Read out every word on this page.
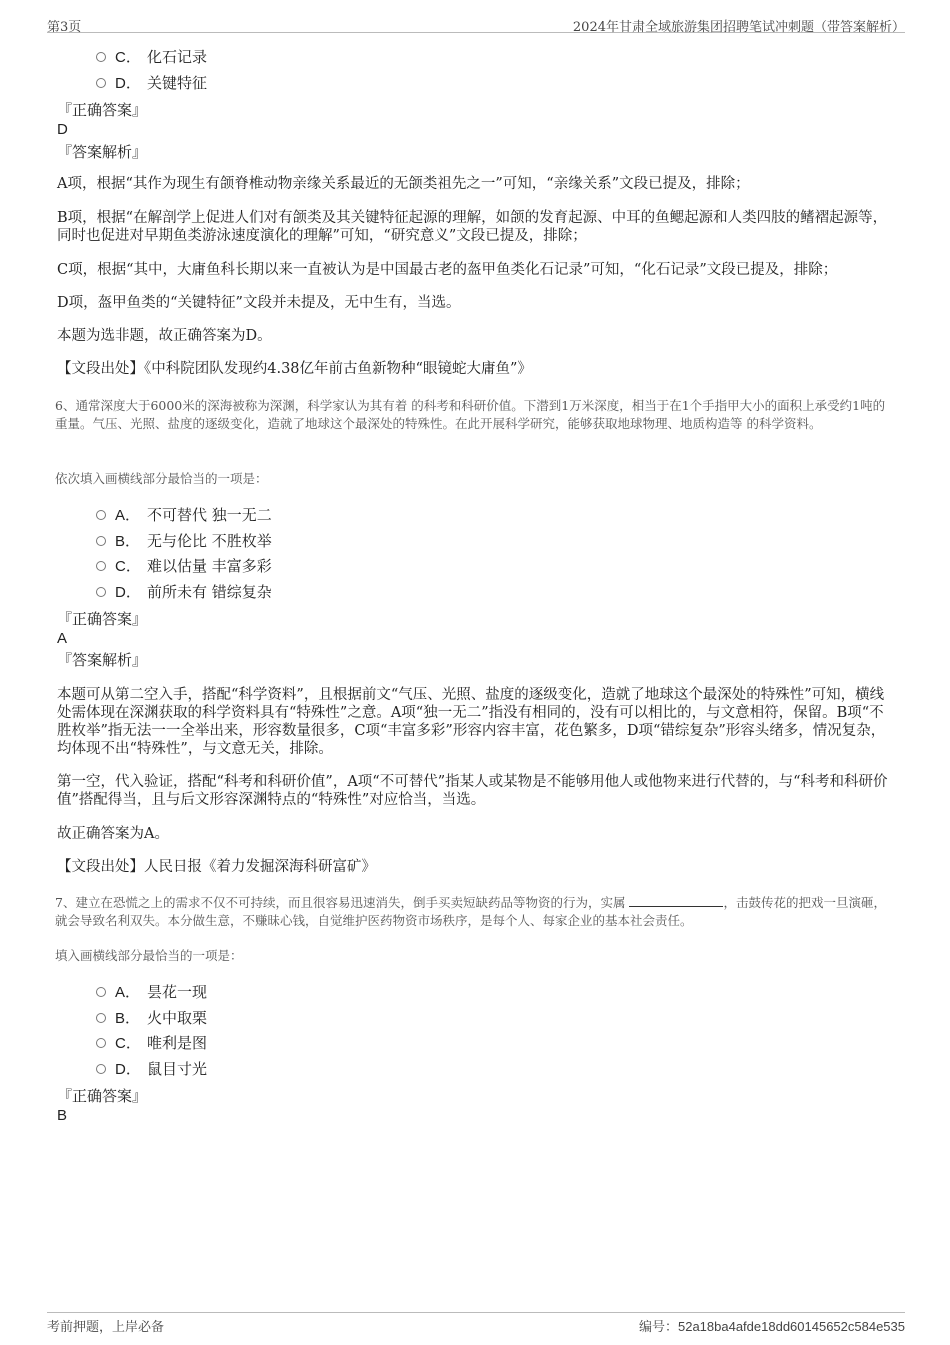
第3页	2024年甘肃全域旅游集团招聘笔试冲刺题（带答案解析）
C． 化石记录
D． 关键特征
『正确答案』
D
『答案解析』
A项，根据“其作为现生有颌脊椎动物亲缘关系最近的无颌类祖先之一”可知，“亲缘关系”文段已提及，排除；
B项，根据“在解剖学上促进人们对有颌类及其关键特征起源的理解，如颌的发育起源、中耳的鱼鳃起源和人类四肢的鳍褶起源等，同时也促进对早期鱼类游泳速度演化的理解”可知，“研究意义”文段已提及，排除；
C项，根据“其中，大庸鱼科长期以来一直被认为是中国最古老的盔甲鱼类化石记录”可知，“化石记录”文段已提及，排除；
D项，盔甲鱼类的“关键特征”文段并未提及，无中生有，当选。
本题为选非题，故正确答案为D。
【文段出处】《中科院团队发现约4.38亿年前古鱼新物种“眼镜蛇大庸鱼”》
6、通常深度大于6000米的深海被称为深渊，科学家认为其有着 的科考和科研价值。下潜到1万米深度，相当于在1个手指甲大小的面积上承受约1吨的重量。气压、光照、盐度的逐级变化，造就了地球这个最深处的特殊性。在此开展科学研究，能够获取地球物理、地质构造等 的科学资料。
依次填入画横线部分最恰当的一项是：
A． 不可替代 独一无二
B． 无与伦比 不胜枚举
C． 难以估量 丰富多彩
D． 前所未有 错综复杂
『正确答案』
A
『答案解析』
本题可从第二空入手，搭配“科学资料”，且根据前文“气压、光照、盐度的逐级变化，造就了地球这个最深处的特殊性”可知，横线处需体现在深渊获取的科学资料具有“特殊性”之意。A项“独一无二”指没有相同的，没有可以相比的，与文意相符，保留。B项“不胜枚举”指无法一一全举出来，形容数量很多，C项“丰富多彩”形容内容丰富，花色繁多，D项“错综复杂”形容头绪多，情况复杂，均体现不出“特殊性”，与文意无关，排除。
第一空，代入验证，搭配“科考和科研价值”，A项“不可替代”指某人或某物是不能够用他人或他物来进行代替的，与“科考和科研价值”搭配得当，且与后文形容深渊特点的“特殊性”对应恰当，当选。
故正确答案为A。
【文段出处】人民日报《着力发掘深海科研富矿》
7、建立在恐慌之上的需求不仅不可持续，而且很容易迅速消失，倒手买卖短缺药品等物资的行为，实属	，击鼓传花的把戏一旦演砸，就会导致名利双失。本分做生意，不赚昧心钱，自觉维护医药物资市场秩序，是每个人、每家企业的基本社会责任。
填入画横线部分最恰当的一项是：
A． 昙花一现
B． 火中取栗
C． 唯利是图
D． 鼠目寸光
『正确答案』
B
考前押题，上岸必备	编号：52a18ba4afde18dd60145652c584e535
